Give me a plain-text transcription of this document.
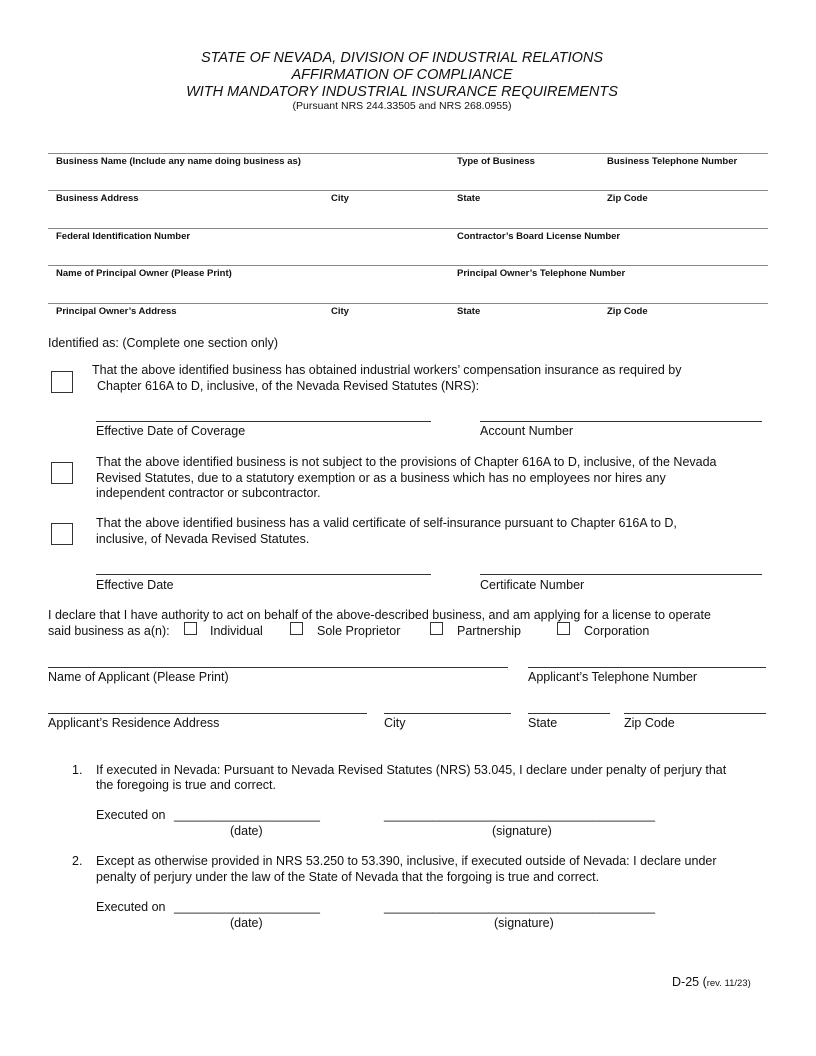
STATE OF NEVADA, DIVISION OF INDUSTRIAL RELATIONS
AFFIRMATION OF COMPLIANCE
WITH MANDATORY INDUSTRIAL INSURANCE REQUIREMENTS
(Pursuant NRS 244.33505 and NRS 268.0955)
Business Name (Include any name doing business as)	Type of Business	Business Telephone Number
Business Address	City	State	Zip Code
Federal Identification Number	Contractor’s Board License Number
Name of Principal Owner (Please Print)	Principal Owner’s Telephone Number
Principal Owner’s Address	City	State	Zip Code
Identified as: (Complete one section only)
That the above identified business has obtained industrial workers’ compensation insurance as required by
Chapter 616A to D, inclusive, of the Nevada Revised Statutes (NRS):
Effective Date of Coverage	Account Number
That the above identified business is not subject to the provisions of Chapter 616A to D, inclusive, of the Nevada
Revised Statutes, due to a statutory exemption or as a business which has no employees nor hires any
independent contractor or subcontractor.
That the above identified business has a valid certificate of self-insurance pursuant to Chapter 616A to D,
inclusive, of Nevada Revised Statutes.
Effective Date	Certificate Number
I declare that I have authority to act on behalf of the above-described business, and am applying for a license to operate
said business as a(n):	Individual	Sole Proprietor	Partnership	Corporation
Name of Applicant (Please Print)	Applicant’s Telephone Number
Applicant’s Residence Address	City	State	Zip Code
1. If executed in Nevada: Pursuant to Nevada Revised Statutes (NRS) 53.045, I declare under penalty of perjury that
the foregoing is true and correct.
Executed on _____________________	_______________________________________
(date)	(signature)
2. Except as otherwise provided in NRS 53.250 to 53.390, inclusive, if executed outside of Nevada: I declare under
penalty of perjury under the law of the State of Nevada that the forgoing is true and correct.
Executed on _____________________	_______________________________________
(date)	(signature)
D-25 (rev. 11/23)
